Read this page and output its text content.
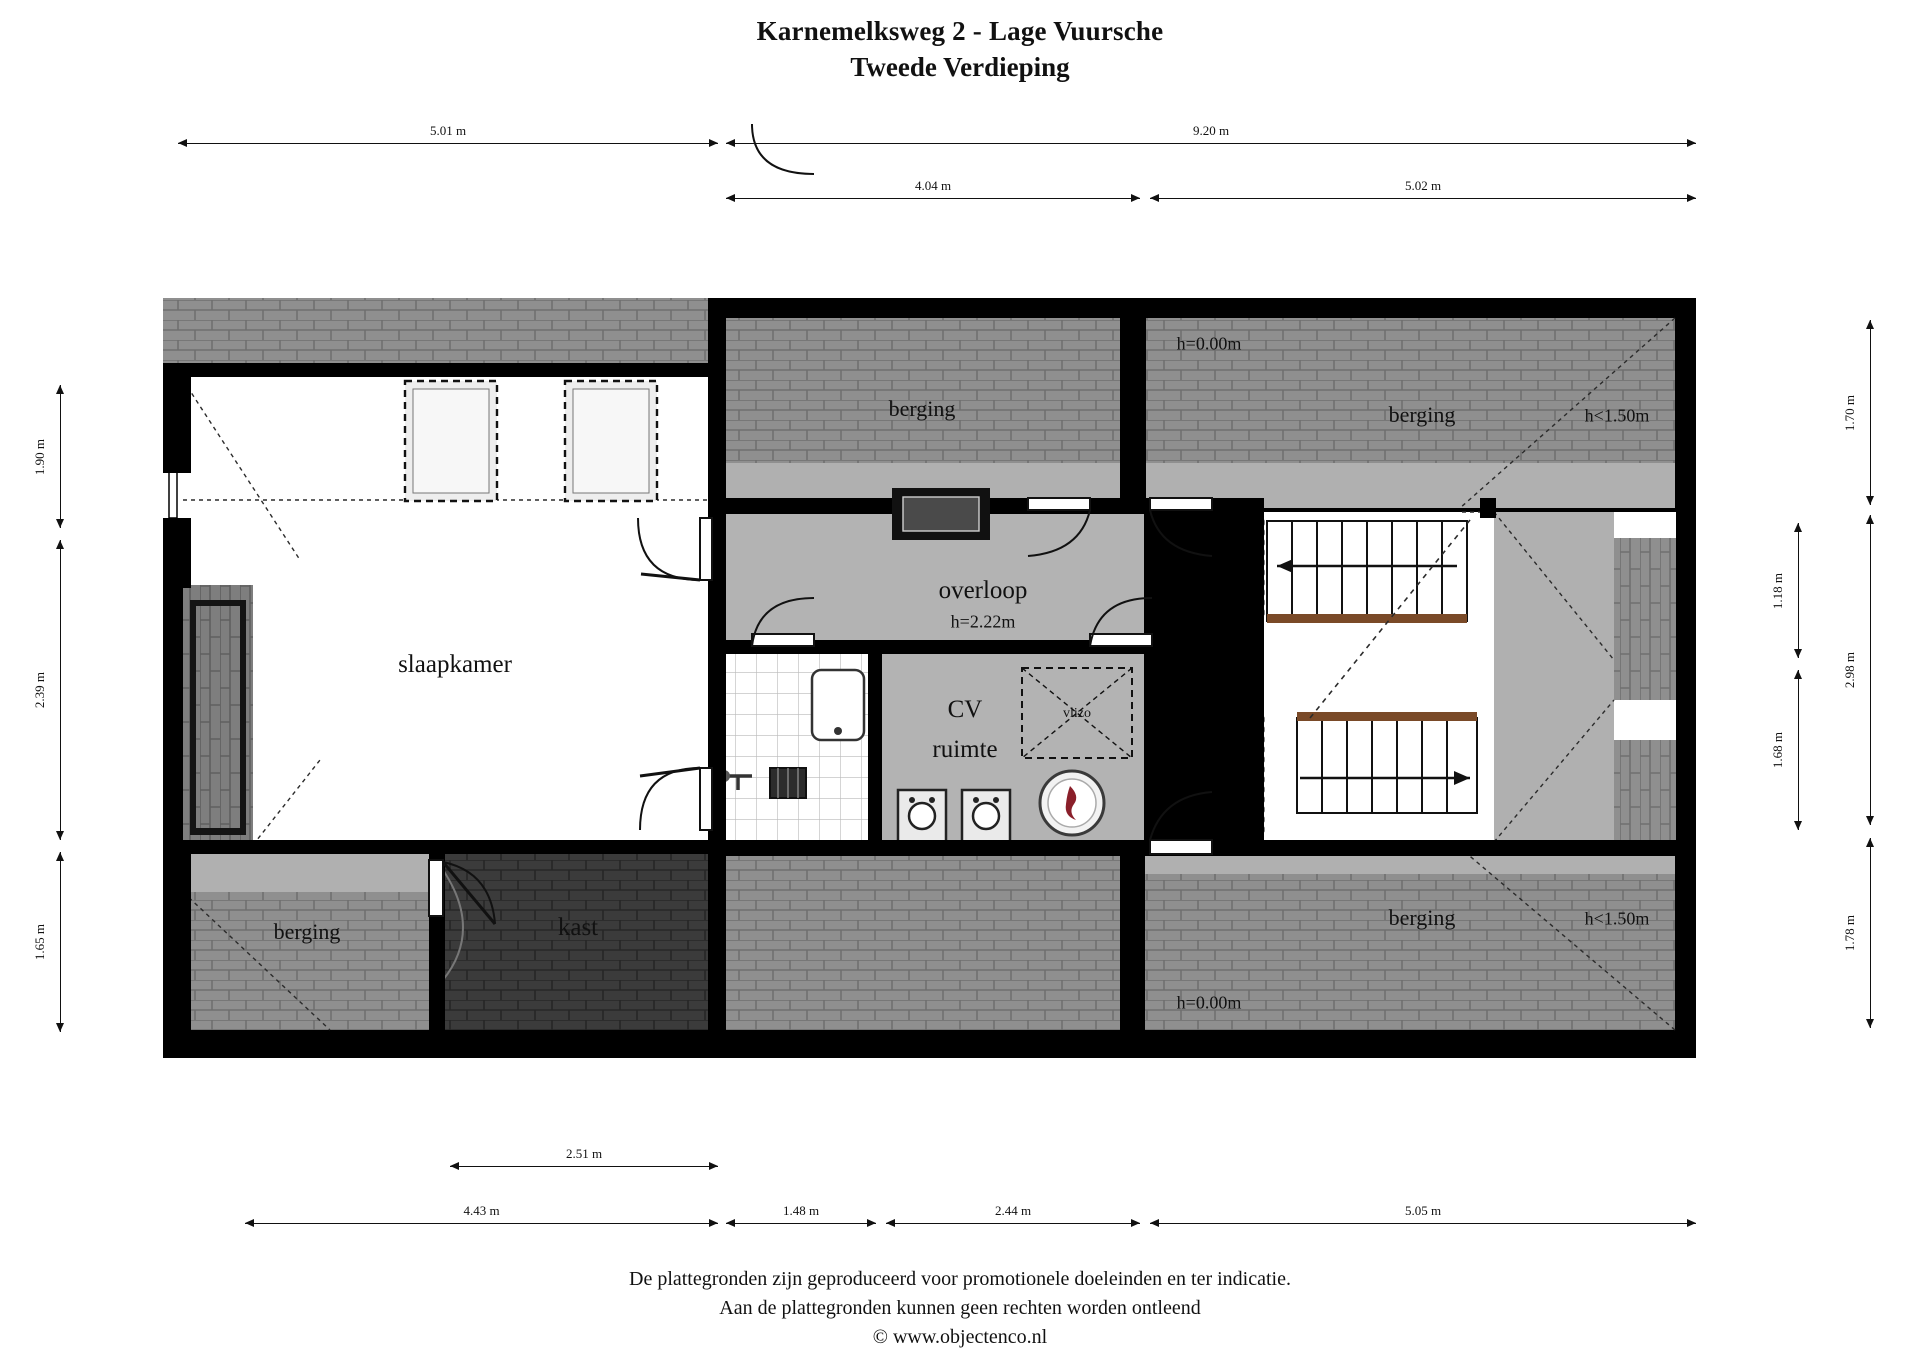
Karnemelksweg 2 - Lage Vuursche
Tweede Verdieping
5.01 m	9.20 m
4.04 m	5.02 m
1.90 m
2.39 m
1.65 m
1.70 m
2.98 m
1.78 m
1.18 m
1.68 m
2.51 m
4.43 m	1.48 m	2.44 m	5.05 m
slaapkamer
overloop
h=2.22m
CV
ruimte
berging	berging
berging
berging
kast
h=0.00m
h<1.50m
h<1.50m
h=0.00m
vlizo
De plattegronden zijn geproduceerd voor promotionele doeleinden en ter indicatie.
Aan de plattegronden kunnen geen rechten worden ontleend
© www.objectenco.nl
